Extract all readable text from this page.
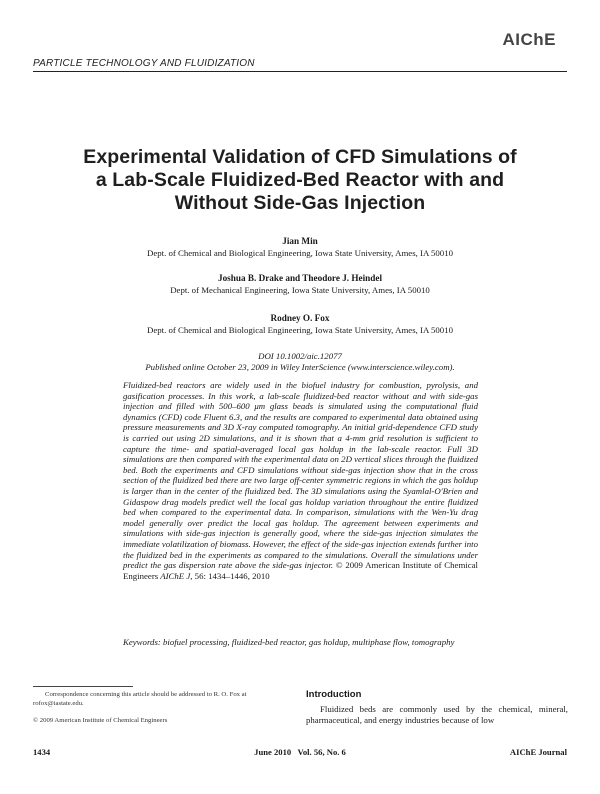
AIChE
PARTICLE TECHNOLOGY AND FLUIDIZATION
Experimental Validation of CFD Simulations of
a Lab-Scale Fluidized-Bed Reactor with and
Without Side-Gas Injection
Jian Min
Dept. of Chemical and Biological Engineering, Iowa State University, Ames, IA 50010
Joshua B. Drake and Theodore J. Heindel
Dept. of Mechanical Engineering, Iowa State University, Ames, IA 50010
Rodney O. Fox
Dept. of Chemical and Biological Engineering, Iowa State University, Ames, IA 50010
DOI 10.1002/aic.12077
Published online October 23, 2009 in Wiley InterScience (www.interscience.wiley.com).
Fluidized-bed reactors are widely used in the biofuel industry for combustion, pyrolysis, and gasification processes. In this work, a lab-scale fluidized-bed reactor without and with side-gas injection and filled with 500–600 μm glass beads is simulated using the computational fluid dynamics (CFD) code Fluent 6.3, and the results are compared to experimental data obtained using pressure measurements and 3D X-ray computed tomography. An initial grid-dependence CFD study is carried out using 2D simulations, and it is shown that a 4-mm grid resolution is sufficient to capture the time- and spatial-averaged local gas holdup in the lab-scale reactor. Full 3D simulations are then compared with the experimental data on 2D vertical slices through the fluidized bed. Both the experiments and CFD simulations without side-gas injection show that in the cross section of the fluidized bed there are two large off-center symmetric regions in which the gas holdup is larger than in the center of the fluidized bed. The 3D simulations using the Syamlal-O'Brien and Gidaspow drag models predict well the local gas holdup variation throughout the entire fluidized bed when compared to the experimental data. In comparison, simulations with the Wen-Yu drag model generally over predict the local gas holdup. The agreement between experiments and simulations with side-gas injection is generally good, where the side-gas injection simulates the immediate volatilization of biomass. However, the effect of the side-gas injection extends further into the fluidized bed in the experiments as compared to the simulations. Overall the simulations under predict the gas dispersion rate above the side-gas injector. © 2009 American Institute of Chemical Engineers AIChE J, 56: 1434–1446, 2010
Keywords: biofuel processing, fluidized-bed reactor, gas holdup, multiphase flow, tomography
Correspondence concerning this article should be addressed to R. O. Fox at rofox@iastate.edu.
© 2009 American Institute of Chemical Engineers
Introduction
Fluidized beds are commonly used by the chemical, mineral, pharmaceutical, and energy industries because of low
1434	June 2010   Vol. 56, No. 6	AIChE Journal
